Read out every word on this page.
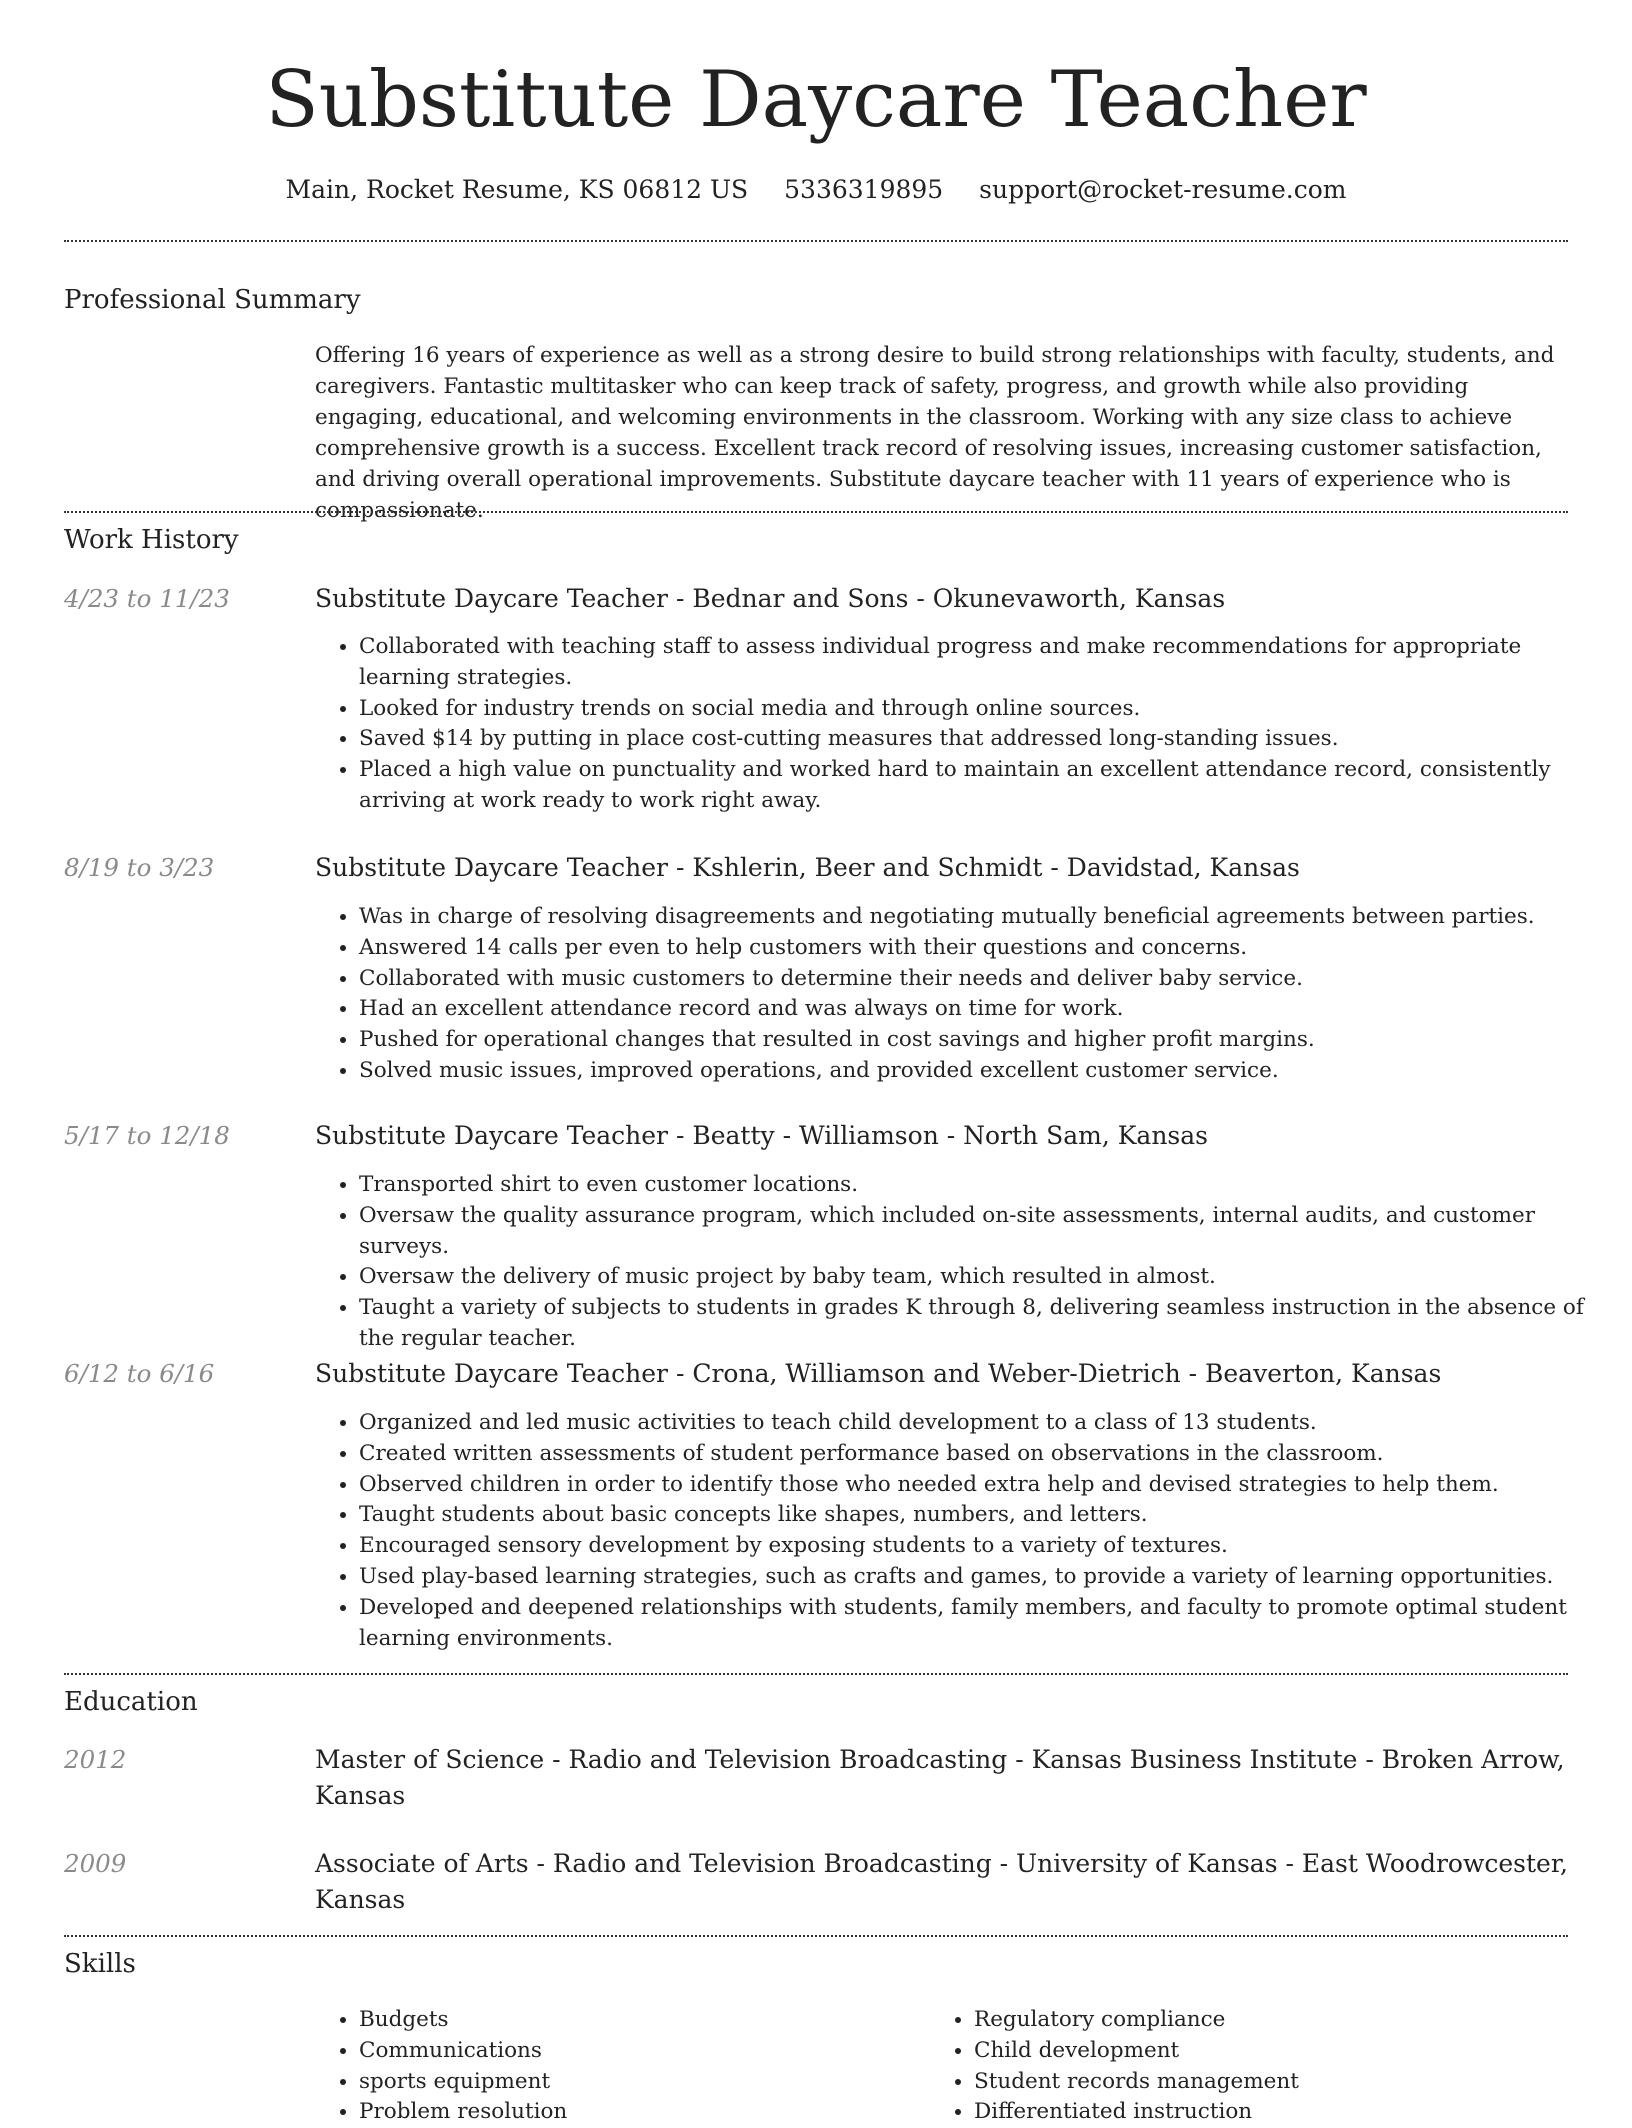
Substitute Daycare Teacher
Main, Rocket Resume, KS 06812 US 5336319895 support@rocket-resume.com
Professional Summary
Offering 16 years of experience as well as a strong desire to build strong relationships with faculty, students, and caregivers. Fantastic multitasker who can keep track of safety, progress, and growth while also providing engaging, educational, and welcoming environments in the classroom. Working with any size class to achieve comprehensive growth is a success. Excellent track record of resolving issues, increasing customer satisfaction, and driving overall operational improvements. Substitute daycare teacher with 11 years of experience who is compassionate.
Work History
4/23 to 11/23	Substitute Daycare Teacher - Bednar and Sons - Okunevaworth, Kansas
• Collaborated with teaching staff to assess individual progress and make recommendations for appropriate learning strategies.
• Looked for industry trends on social media and through online sources.
• Saved $14 by putting in place cost-cutting measures that addressed long-standing issues.
• Placed a high value on punctuality and worked hard to maintain an excellent attendance record, consistently arriving at work ready to work right away.
8/19 to 3/23	Substitute Daycare Teacher - Kshlerin, Beer and Schmidt - Davidstad, Kansas
• Was in charge of resolving disagreements and negotiating mutually beneficial agreements between parties.
• Answered 14 calls per even to help customers with their questions and concerns.
• Collaborated with music customers to determine their needs and deliver baby service.
• Had an excellent attendance record and was always on time for work.
• Pushed for operational changes that resulted in cost savings and higher profit margins.
• Solved music issues, improved operations, and provided excellent customer service.
5/17 to 12/18	Substitute Daycare Teacher - Beatty - Williamson - North Sam, Kansas
• Transported shirt to even customer locations.
• Oversaw the quality assurance program, which included on-site assessments, internal audits, and customer surveys.
• Oversaw the delivery of music project by baby team, which resulted in almost.
• Taught a variety of subjects to students in grades K through 8, delivering seamless instruction in the absence of the regular teacher.
6/12 to 6/16	Substitute Daycare Teacher - Crona, Williamson and Weber-Dietrich - Beaverton, Kansas
• Organized and led music activities to teach child development to a class of 13 students.
• Created written assessments of student performance based on observations in the classroom.
• Observed children in order to identify those who needed extra help and devised strategies to help them.
• Taught students about basic concepts like shapes, numbers, and letters.
• Encouraged sensory development by exposing students to a variety of textures.
• Used play-based learning strategies, such as crafts and games, to provide a variety of learning opportunities.
• Developed and deepened relationships with students, family members, and faculty to promote optimal student learning environments.
Education
2012	Master of Science - Radio and Television Broadcasting - Kansas Business Institute - Broken Arrow, Kansas
2009	Associate of Arts - Radio and Television Broadcasting - University of Kansas - East Woodrowcester, Kansas
Skills
• Budgets
• Communications
• sports equipment
• Problem resolution
• Regulatory compliance
• Child development
• Student records management
• Differentiated instruction
